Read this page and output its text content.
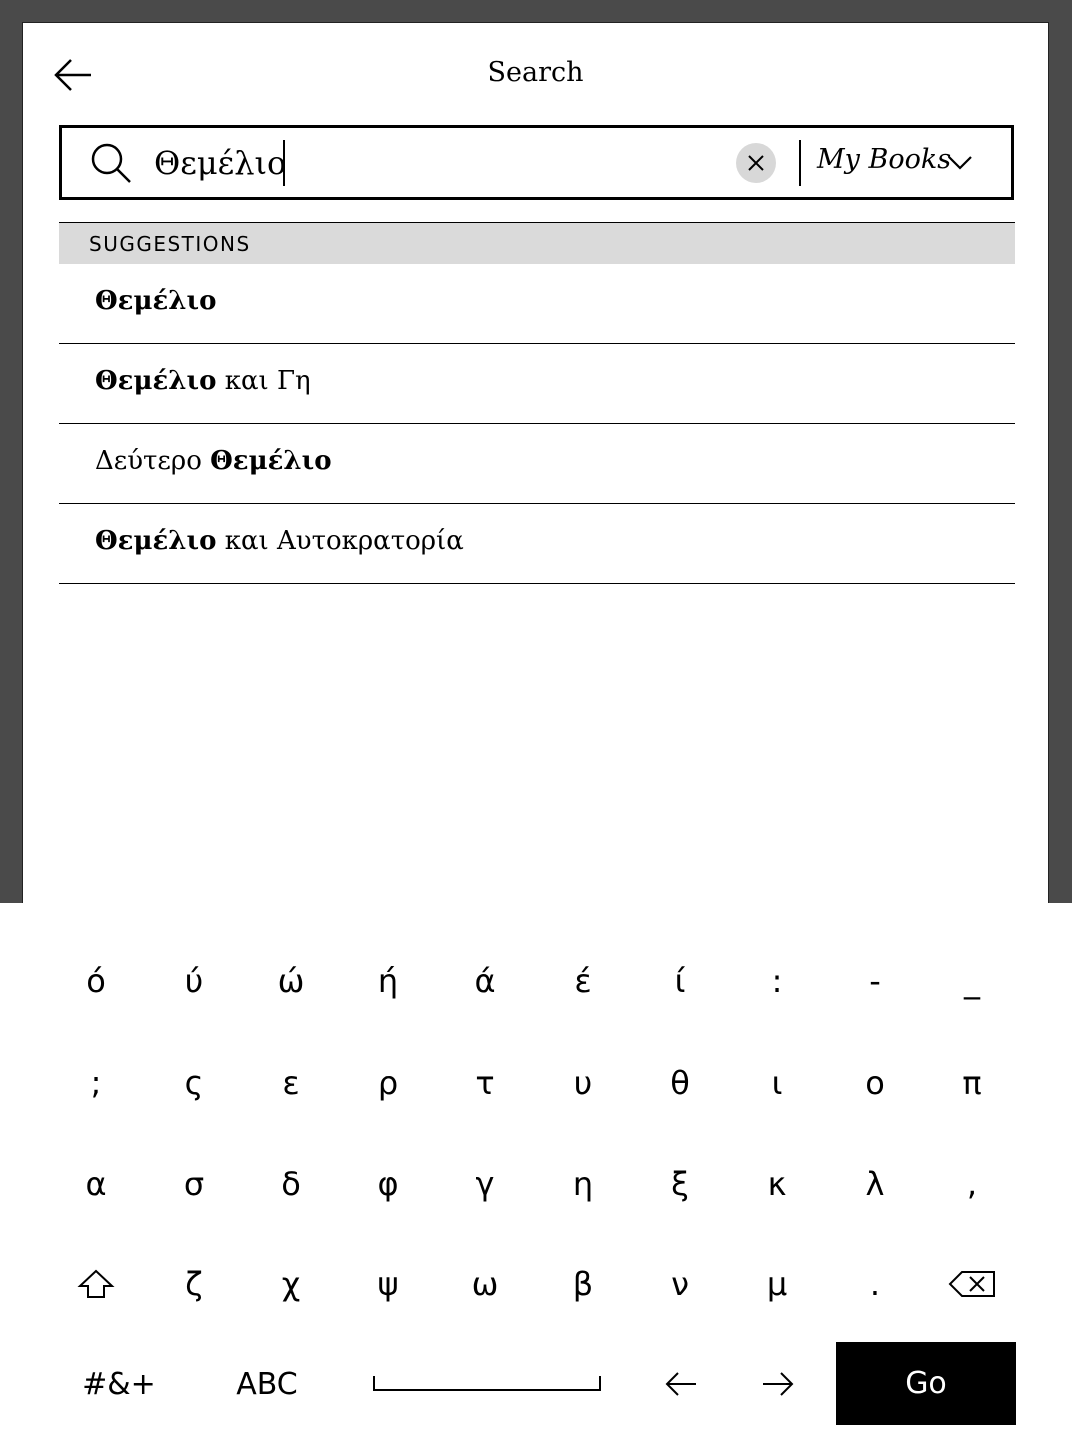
Search
Θεμέλιο
My Books
SUGGESTIONS
Θεμέλιο
Θεμέλιο και Γη
Δεύτερο Θεμέλιο
Θεμέλιο και Αυτοκρατορία
#&+	ABC	Go
ό	ύ	ώ	ή	ά	έ	ί	:	-	_
;	ς	ε	ρ	τ	υ	θ	ι	ο	π
α	σ	δ	φ	γ	η	ξ	κ	λ	,
ζ	χ	ψ	ω	β	ν	μ	.
